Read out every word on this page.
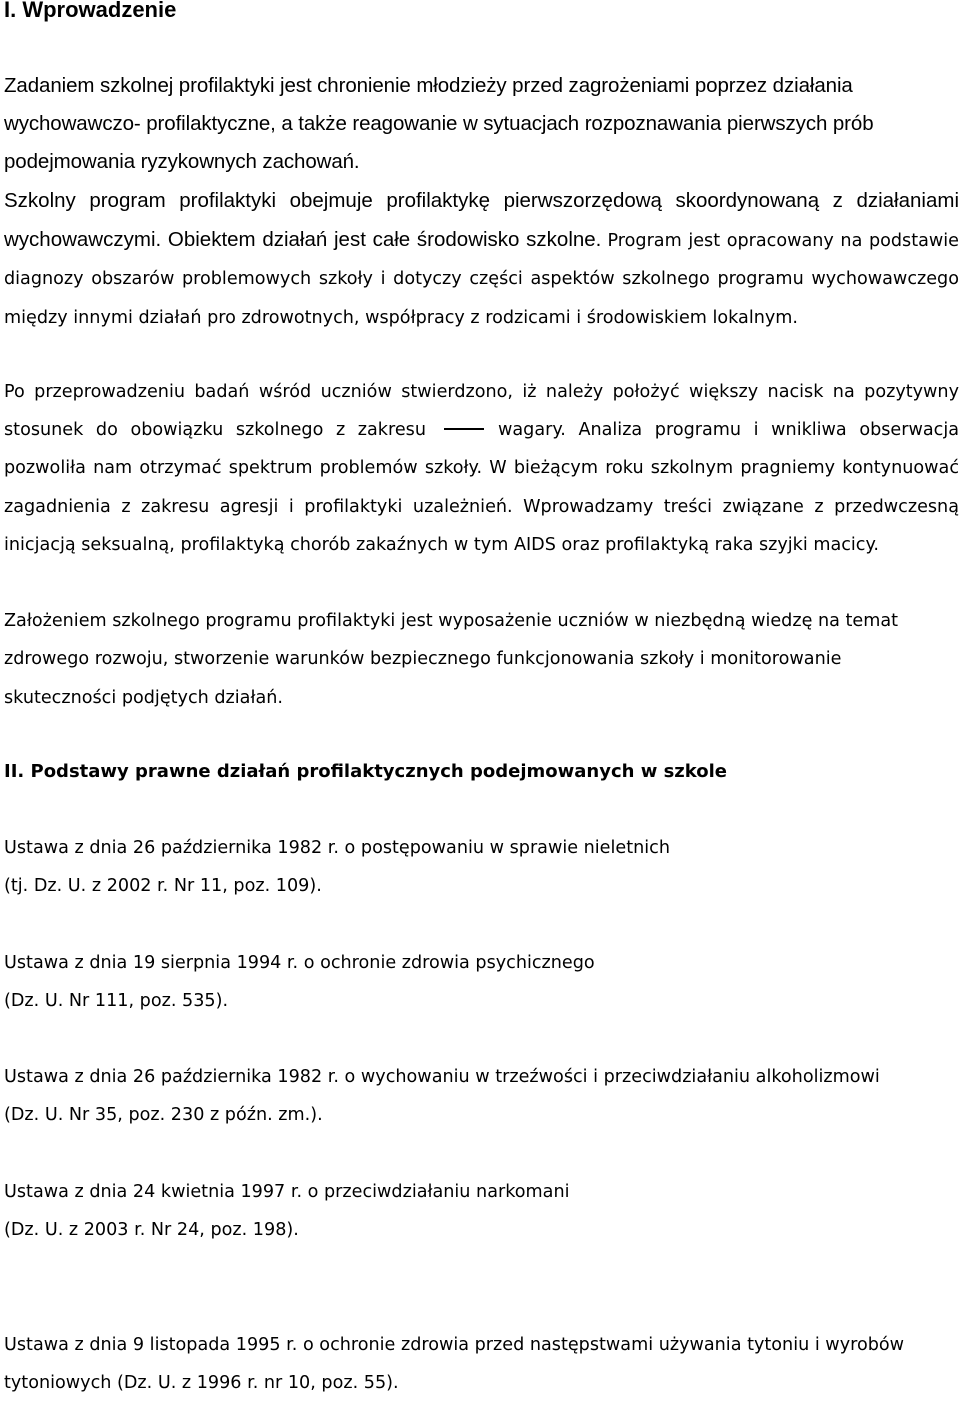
I. Wprowadzenie

Zadaniem szkolnej profilaktyki jest chronienie młodzieży przed zagrożeniami poprzez działania
wychowawczo- profilaktyczne, a także reagowanie w sytuacjach rozpoznawania pierwszych prób
podejmowania ryzykownych zachowań.

Szkolny program profilaktyki obejmuje profilaktykę pierwszorzędową skoordynowaną z działaniami wychowawczymi. Obiektem działań jest całe środowisko szkolne. Program jest opracowany na podstawie diagnozy obszarów problemowych szkoły i dotyczy części aspektów szkolnego programu wychowawczego między innymi działań pro zdrowotnych, współpracy z rodzicami i środowiskiem lokalnym.

Po przeprowadzeniu badań wśród uczniów stwierdzono, iż należy położyć większy nacisk na pozytywny stosunek do obowiązku szkolnego z zakresu	wagary. Analiza programu i wnikliwa obserwacja pozwoliła nam otrzymać spektrum problemów szkoły. W bieżącym roku szkolnym pragniemy kontynuować zagadnienia z zakresu agresji i profilaktyki uzależnień. Wprowadzamy treści związane z przedwczesną inicjacją seksualną, profilaktyką chorób zakaźnych w tym AIDS oraz profilaktyką raka szyjki macicy.

Założeniem szkolnego programu profilaktyki jest wyposażenie uczniów w niezbędną wiedzę na temat
zdrowego rozwoju, stworzenie warunków bezpiecznego funkcjonowania szkoły i monitorowanie
skuteczności podjętych działań.

II. Podstawy prawne działań profilaktycznych podejmowanych w szkole

Ustawa z dnia 26 października 1982 r. o postępowaniu w sprawie nieletnich
(tj. Dz. U. z 2002 r. Nr 11, poz. 109).

Ustawa z dnia 19 sierpnia 1994 r. o ochronie zdrowia psychicznego
(Dz. U. Nr 111, poz. 535).

Ustawa z dnia 26 października 1982 r. o wychowaniu w trzeźwości i przeciwdziałaniu alkoholizmowi
(Dz. U. Nr 35, poz. 230 z późn. zm.).

Ustawa z dnia 24 kwietnia 1997 r. o przeciwdziałaniu narkomani
(Dz. U. z 2003 r. Nr 24, poz. 198).

Ustawa z dnia 9 listopada 1995 r. o ochronie zdrowia przed następstwami używania tytoniu i wyrobów
tytoniowych (Dz. U. z 1996 r. nr 10, poz. 55).
